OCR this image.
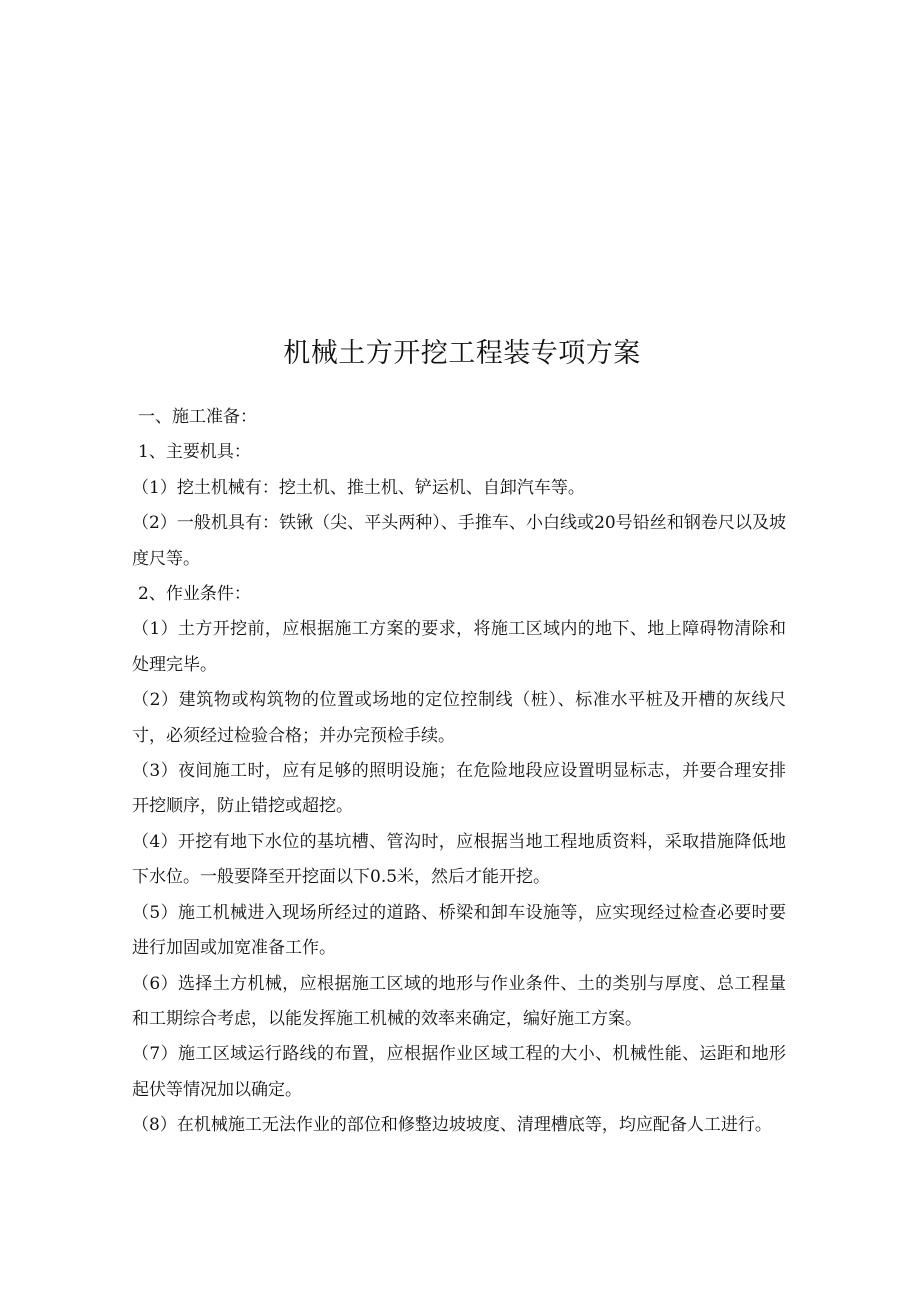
机械土方开挖工程装专项方案

一、施工准备：

1、主要机具：

（1）挖土机械有：挖土机、推土机、铲运机、自卸汽车等。

（2）一般机具有：铁锹（尖、平头两种）、手推车、小白线或20号铅丝和钢卷尺以及坡度尺等。

2、作业条件：

（1）土方开挖前，应根据施工方案的要求，将施工区域内的地下、地上障碍物清除和处理完毕。

（2）建筑物或构筑物的位置或场地的定位控制线（桩）、标准水平桩及开槽的灰线尺寸，必须经过检验合格；并办完预检手续。

（3）夜间施工时，应有足够的照明设施；在危险地段应设置明显标志，并要合理安排开挖顺序，防止错挖或超挖。

（4）开挖有地下水位的基坑槽、管沟时，应根据当地工程地质资料，采取措施降低地下水位。一般要降至开挖面以下0.5米，然后才能开挖。

（5）施工机械进入现场所经过的道路、桥梁和卸车设施等，应实现经过检查必要时要进行加固或加宽准备工作。

（6）选择土方机械，应根据施工区域的地形与作业条件、土的类别与厚度、总工程量和工期综合考虑，以能发挥施工机械的效率来确定，编好施工方案。

（7）施工区域运行路线的布置，应根据作业区域工程的大小、机械性能、运距和地形起伏等情况加以确定。

（8）在机械施工无法作业的部位和修整边坡坡度、清理槽底等，均应配备人工进行。
